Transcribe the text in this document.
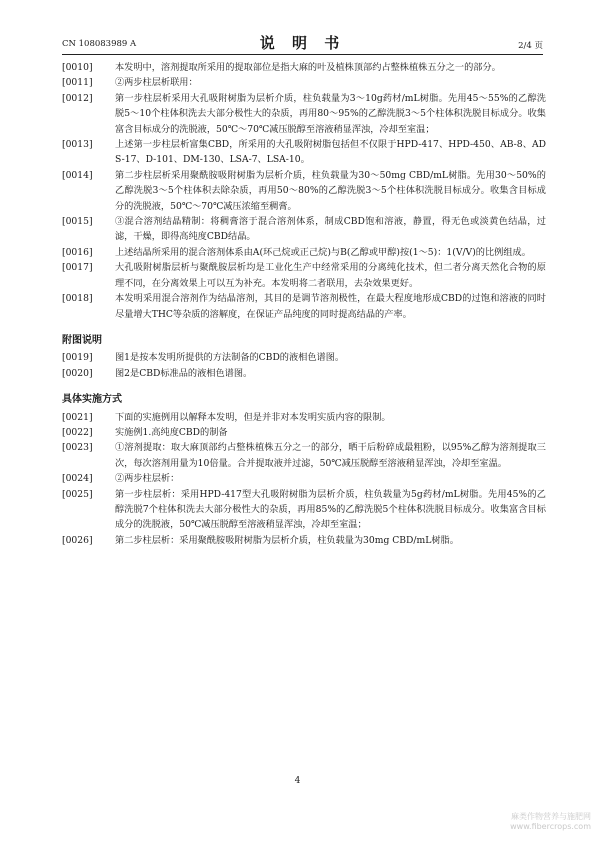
CN 108083989 A	说 明 书	2/4 页
[0010] 本发明中，溶剂提取所采用的提取部位是指大麻的叶及植株顶部约占整株植株五分之一的部分。
[0011] ②两步柱层析联用：
[0012] 第一步柱层析采用大孔吸附树脂为层析介质，柱负载量为3～10g药材/mL树脂。先用45～55%的乙醇洗脱5～10个柱体积洗去大部分极性大的杂质，再用80～95%的乙醇洗脱3～5个柱体积洗脱目标成分。收集富含目标成分的洗脱液，50℃～70℃减压脱醇至溶液稍显浑浊，冷却至室温；
[0013] 上述第一步柱层析富集CBD，所采用的大孔吸附树脂包括但不仅限于HPD-417、HPD-450、AB-8、ADS-17、D-101、DM-130、LSA-7、LSA-10。
[0014] 第二步柱层析采用聚酰胺吸附树脂为层析介质，柱负载量为30～50mg CBD/mL树脂。先用30～50%的乙醇洗脱3～5个柱体积去除杂质，再用50～80%的乙醇洗脱3～5个柱体积洗脱目标成分。收集含目标成分的洗脱液，50℃～70℃减压浓缩至稠膏。
[0015] ③混合溶剂结晶精制：将稠膏溶于混合溶剂体系，制成CBD饱和溶液，静置，得无色或淡黄色结晶，过滤，干燥，即得高纯度CBD结晶。
[0016] 上述结晶所采用的混合溶剂体系由A(环己烷或正己烷)与B(乙醇或甲醇)按(1～5)：1(V/V)的比例组成。
[0017] 大孔吸附树脂层析与聚酰胺层析均是工业化生产中经常采用的分离纯化技术，但二者分离天然化合物的原理不同，在分离效果上可以互为补充。本发明将二者联用，去杂效果更好。
[0018] 本发明采用混合溶剂作为结晶溶剂，其目的是调节溶剂极性，在最大程度地形成CBD的过饱和溶液的同时尽量增大THC等杂质的溶解度，在保证产品纯度的同时提高结晶的产率。
附图说明
[0019] 图1是按本发明所提供的方法制备的CBD的液相色谱图。
[0020] 图2是CBD标准品的液相色谱图。
具体实施方式
[0021] 下面的实施例用以解释本发明，但是并非对本发明实质内容的限制。
[0022] 实施例1.高纯度CBD的制备
[0023] ①溶剂提取：取大麻顶部约占整株植株五分之一的部分，晒干后粉碎成最粗粉，以95%乙醇为溶剂提取三次，每次溶剂用量为10倍量。合并提取液并过滤，50℃减压脱醇至溶液稍显浑浊，冷却至室温。
[0024] ②两步柱层析：
[0025] 第一步柱层析：采用HPD-417型大孔吸附树脂为层析介质，柱负载量为5g药材/mL树脂。先用45%的乙醇洗脱7个柱体积洗去大部分极性大的杂质，再用85%的乙醇洗脱5个柱体积洗脱目标成分。收集富含目标成分的洗脱液，50℃减压脱醇至溶液稍显浑浊，冷却至室温；
[0026] 第二步柱层析：采用聚酰胺吸附树脂为层析介质，柱负载量为30mg CBD/mL树脂。
4
麻类作物营养与施肥网
www.fibercrops.com
